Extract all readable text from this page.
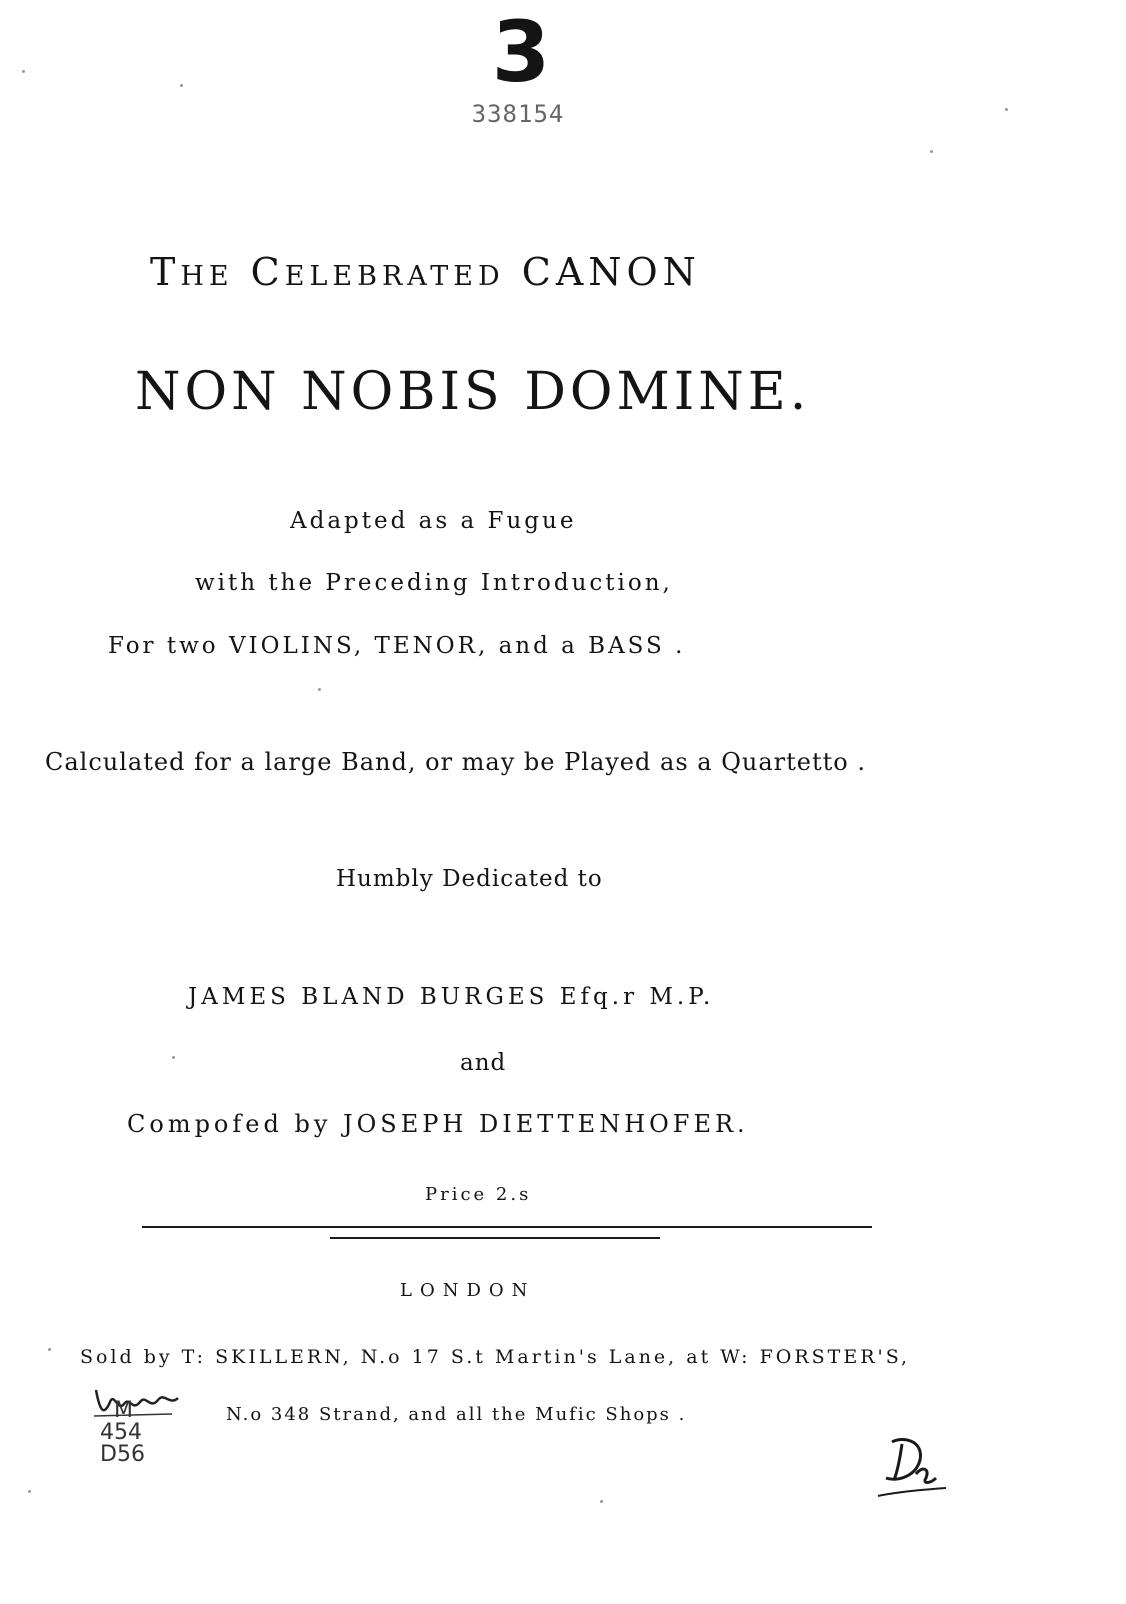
3
338154
The Celebrated CANON
NON NOBIS DOMINE.
Adapted as a Fugue
with the Preceding Introduction,
For two VIOLINS, TENOR, and a BASS .
Calculated for a large Band, or may be Played as a Quartetto .
Humbly Dedicated to
JAMES BLAND BURGES Efq.r M.P.
and
Compofed by JOSEPH DIETTENHOFER.
Price 2.s
LONDON
Sold by T: SKILLERN, N.o 17 S.t Martin's Lane, at W: FORSTER'S,
N.o 348 Strand, and all the Mufic Shops .
M
454
D56
